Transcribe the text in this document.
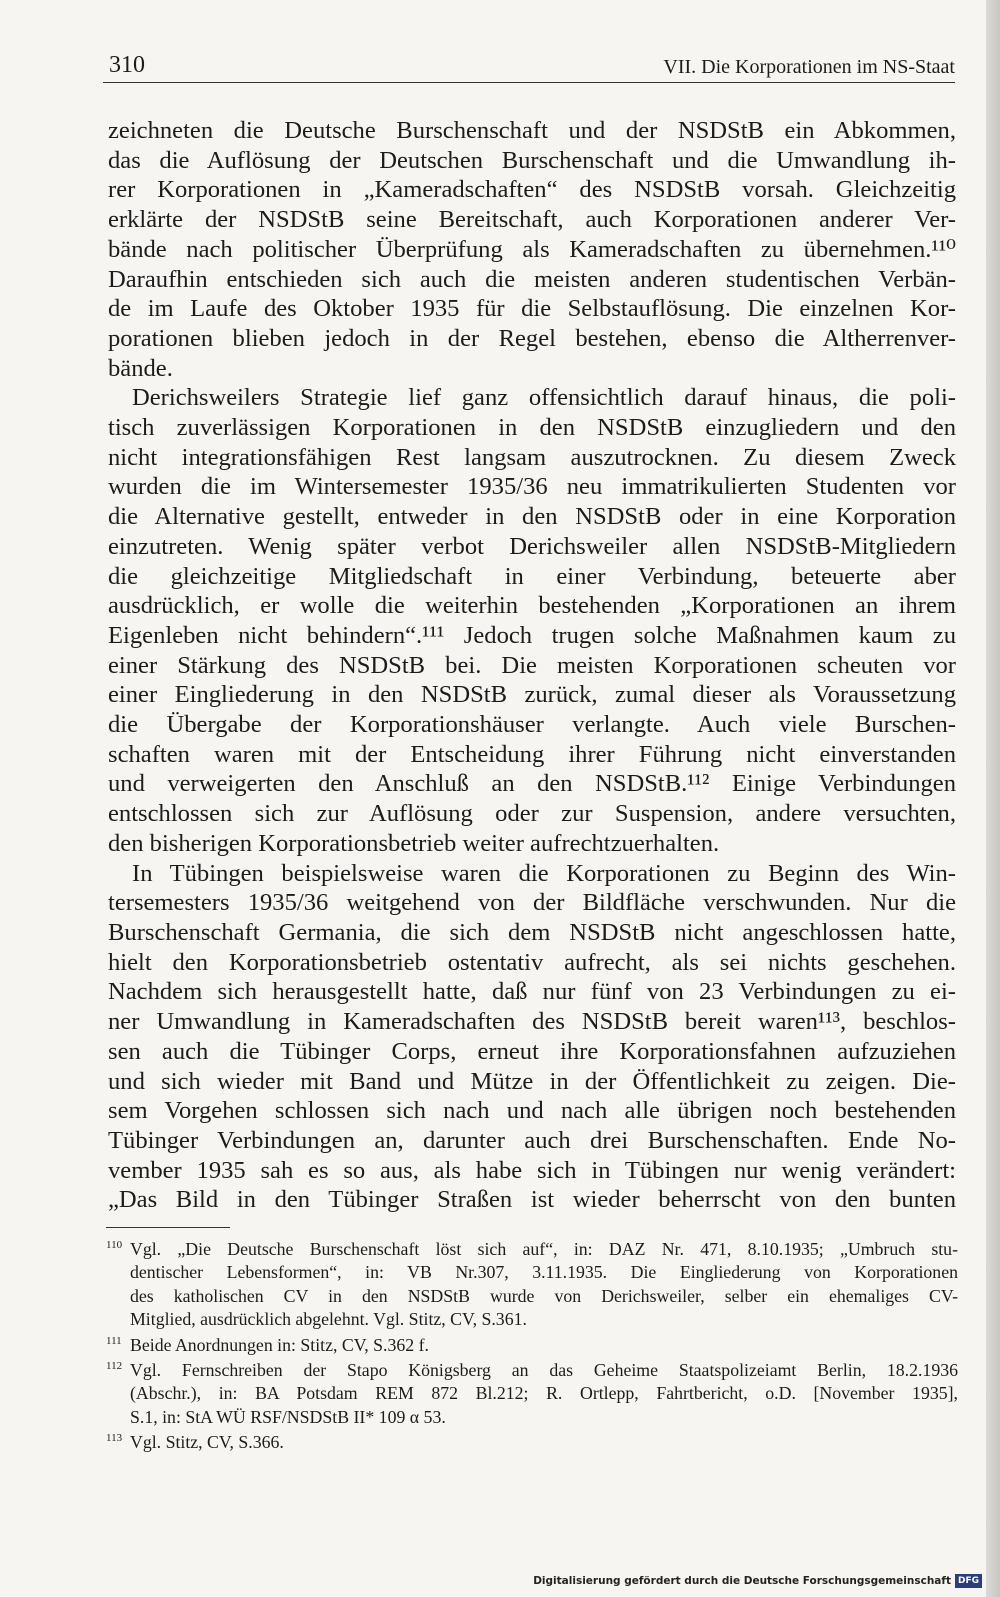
310	VII. Die Korporationen im NS-Staat

zeichneten die Deutsche Burschenschaft und der NSDStB ein Abkommen,
das die Auflösung der Deutschen Burschenschaft und die Umwandlung ih-
rer Korporationen in „Kameradschaften“ des NSDStB vorsah. Gleichzeitig
erklärte der NSDStB seine Bereitschaft, auch Korporationen anderer Ver-
bände nach politischer Überprüfung als Kameradschaften zu übernehmen.¹¹⁰
Daraufhin entschieden sich auch die meisten anderen studentischen Verbän-
de im Laufe des Oktober 1935 für die Selbstauflösung. Die einzelnen Kor-
porationen blieben jedoch in der Regel bestehen, ebenso die Altherrenver-
bände.

Derichsweilers Strategie lief ganz offensichtlich darauf hinaus, die poli-
tisch zuverlässigen Korporationen in den NSDStB einzugliedern und den
nicht integrationsfähigen Rest langsam auszutrocknen. Zu diesem Zweck
wurden die im Wintersemester 1935/36 neu immatrikulierten Studenten vor
die Alternative gestellt, entweder in den NSDStB oder in eine Korporation
einzutreten. Wenig später verbot Derichsweiler allen NSDStB-Mitgliedern
die gleichzeitige Mitgliedschaft in einer Verbindung, beteuerte aber
ausdrücklich, er wolle die weiterhin bestehenden „Korporationen an ihrem
Eigenleben nicht behindern“.¹¹¹ Jedoch trugen solche Maßnahmen kaum zu
einer Stärkung des NSDStB bei. Die meisten Korporationen scheuten vor
einer Eingliederung in den NSDStB zurück, zumal dieser als Voraussetzung
die Übergabe der Korporationshäuser verlangte. Auch viele Burschen-
schaften waren mit der Entscheidung ihrer Führung nicht einverstanden
und verweigerten den Anschluß an den NSDStB.¹¹² Einige Verbindungen
entschlossen sich zur Auflösung oder zur Suspension, andere versuchten,
den bisherigen Korporationsbetrieb weiter aufrechtzuerhalten.

In Tübingen beispielsweise waren die Korporationen zu Beginn des Win-
tersemesters 1935/36 weitgehend von der Bildfläche verschwunden. Nur die
Burschenschaft Germania, die sich dem NSDStB nicht angeschlossen hatte,
hielt den Korporationsbetrieb ostentativ aufrecht, als sei nichts geschehen.
Nachdem sich herausgestellt hatte, daß nur fünf von 23 Verbindungen zu ei-
ner Umwandlung in Kameradschaften des NSDStB bereit waren¹¹³, beschlos-
sen auch die Tübinger Corps, erneut ihre Korporationsfahnen aufzuziehen
und sich wieder mit Band und Mütze in der Öffentlichkeit zu zeigen. Die-
sem Vorgehen schlossen sich nach und nach alle übrigen noch bestehenden
Tübinger Verbindungen an, darunter auch drei Burschenschaften. Ende No-
vember 1935 sah es so aus, als habe sich in Tübingen nur wenig verändert:
„Das Bild in den Tübinger Straßen ist wieder beherrscht von den bunten

110 Vgl. „Die Deutsche Burschenschaft löst sich auf“, in: DAZ Nr. 471, 8.10.1935; „Umbruch stu-
dentischer Lebensformen“, in: VB Nr.307, 3.11.1935. Die Eingliederung von Korporationen
des katholischen CV in den NSDStB wurde von Derichsweiler, selber ein ehemaliges CV-
Mitglied, ausdrücklich abgelehnt. Vgl. Stitz, CV, S.361.
111 Beide Anordnungen in: Stitz, CV, S.362 f.
112 Vgl. Fernschreiben der Stapo Königsberg an das Geheime Staatspolizeiamt Berlin, 18.2.1936
(Abschr.), in: BA Potsdam REM 872 Bl.212; R. Ortlepp, Fahrtbericht, o.D. [November 1935],
S.1, in: StA WÜ RSF/NSDStB II* 109 α 53.
113 Vgl. Stitz, CV, S.366.
Digitalisierung gefördert durch die Deutsche Forschungsgemeinschaft DFG
